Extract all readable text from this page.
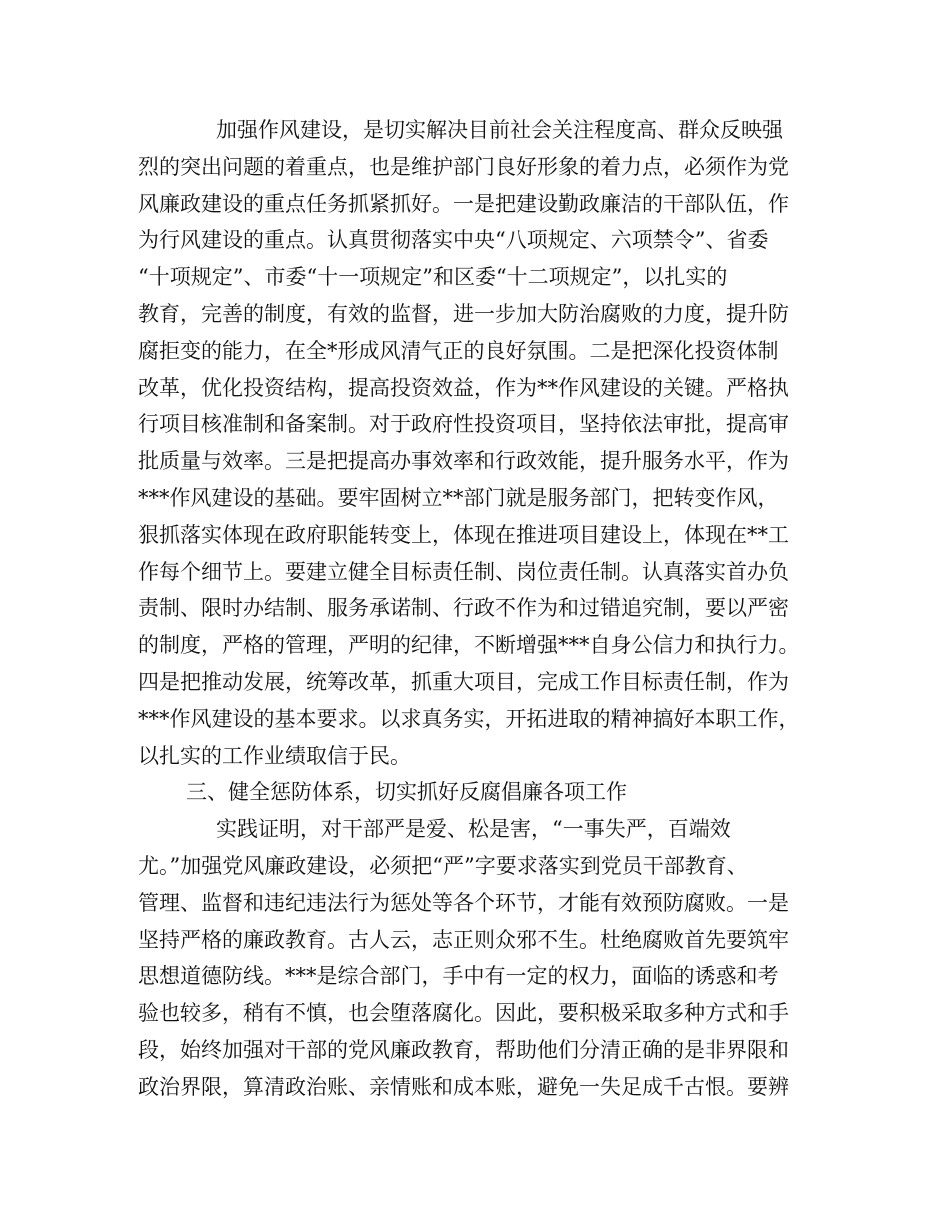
加强作风建设，是切实解决目前社会关注程度高、群众反映强
烈的突出问题的着重点，也是维护部门良好形象的着力点，必须作为党
风廉政建设的重点任务抓紧抓好。一是把建设勤政廉洁的干部队伍，作
为行风建设的重点。认真贯彻落实中央“八项规定、六项禁令”、省委
“十项规定”、市委“十一项规定”和区委“十二项规定”，以扎实的
教育，完善的制度，有效的监督，进一步加大防治腐败的力度，提升防
腐拒变的能力，在全*形成风清气正的良好氛围。二是把深化投资体制
改革，优化投资结构，提高投资效益，作为**作风建设的关键。严格执
行项目核准制和备案制。对于政府性投资项目，坚持依法审批，提高审
批质量与效率。三是把提高办事效率和行政效能，提升服务水平，作为
***作风建设的基础。要牢固树立**部门就是服务部门，把转变作风，
狠抓落实体现在政府职能转变上，体现在推进项目建设上，体现在**工
作每个细节上。要建立健全目标责任制、岗位责任制。认真落实首办负
责制、限时办结制、服务承诺制、行政不作为和过错追究制，要以严密
的制度，严格的管理，严明的纪律，不断增强***自身公信力和执行力。
四是把推动发展，统筹改革，抓重大项目，完成工作目标责任制，作为
***作风建设的基本要求。以求真务实，开拓进取的精神搞好本职工作，
以扎实的工作业绩取信于民。
三、健全惩防体系，切实抓好反腐倡廉各项工作
实践证明，对干部严是爱、松是害，“一事失严，百端效
尤。”加强党风廉政建设，必须把“严”字要求落实到党员干部教育、
管理、监督和违纪违法行为惩处等各个环节，才能有效预防腐败。一是
坚持严格的廉政教育。古人云，志正则众邪不生。杜绝腐败首先要筑牢
思想道德防线。***是综合部门，手中有一定的权力，面临的诱惑和考
验也较多，稍有不慎，也会堕落腐化。因此，要积极采取多种方式和手
段，始终加强对干部的党风廉政教育，帮助他们分清正确的是非界限和
政治界限，算清政治账、亲情账和成本账，避免一失足成千古恨。要辨
